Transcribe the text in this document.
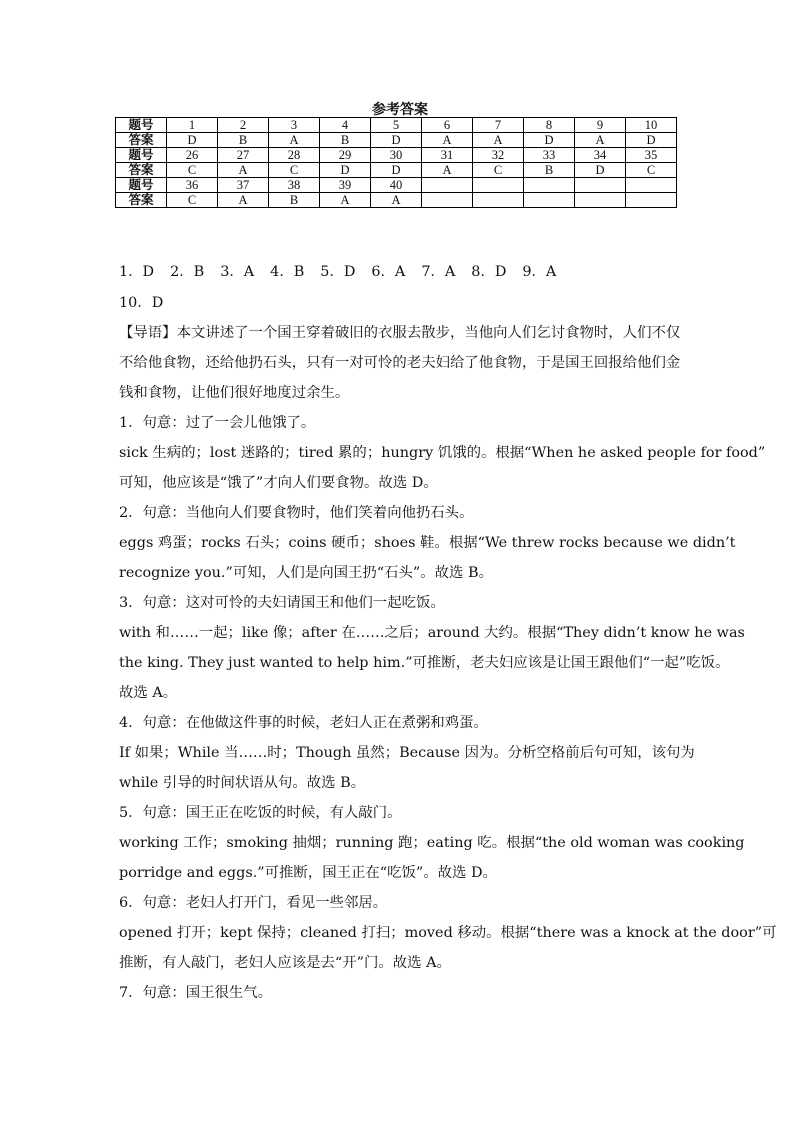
参考答案
题号	1	2	3	4	5	6	7	8	9	10
答案	D	B	A	B	D	A	A	D	A	D
题号	26	27	28	29	30	31	32	33	34	35
答案	C	A	C	D	D	A	C	B	D	C
题号	36	37	38	39	40					
答案	C	A	B	A	A					
1．D 2．B 3．A 4．B 5．D 6．A 7．A 8．D 9．A
10．D
【导语】本文讲述了一个国王穿着破旧的衣服去散步，当他向人们乞讨食物时，人们不仅
不给他食物，还给他扔石头，只有一对可怜的老夫妇给了他食物，于是国王回报给他们金
钱和食物，让他们很好地度过余生。
1．句意：过了一会儿他饿了。
sick 生病的；lost 迷路的；tired 累的；hungry 饥饿的。根据“When he asked people for food”
可知，他应该是“饿了”才向人们要食物。故选 D。
2．句意：当他向人们要食物时，他们笑着向他扔石头。
eggs 鸡蛋；rocks 石头；coins 硬币；shoes 鞋。根据“We threw rocks because we didn’t
recognize you.”可知，人们是向国王扔“石头”。故选 B。
3．句意：这对可怜的夫妇请国王和他们一起吃饭。
with 和……一起；like 像；after 在……之后；around 大约。根据“They didn’t know he was
the king. They just wanted to help him.”可推断，老夫妇应该是让国王跟他们“一起”吃饭。
故选 A。
4．句意：在他做这件事的时候，老妇人正在煮粥和鸡蛋。
If 如果；While 当……时；Though 虽然；Because 因为。分析空格前后句可知，该句为
while 引导的时间状语从句。故选 B。
5．句意：国王正在吃饭的时候，有人敲门。
working 工作；smoking 抽烟；running 跑；eating 吃。根据“the old woman was cooking
porridge and eggs.”可推断，国王正在“吃饭”。故选 D。
6．句意：老妇人打开门，看见一些邻居。
opened 打开；kept 保持；cleaned 打扫；moved 移动。根据“there was a knock at the door”可
推断，有人敲门，老妇人应该是去“开”门。故选 A。
7．句意：国王很生气。
